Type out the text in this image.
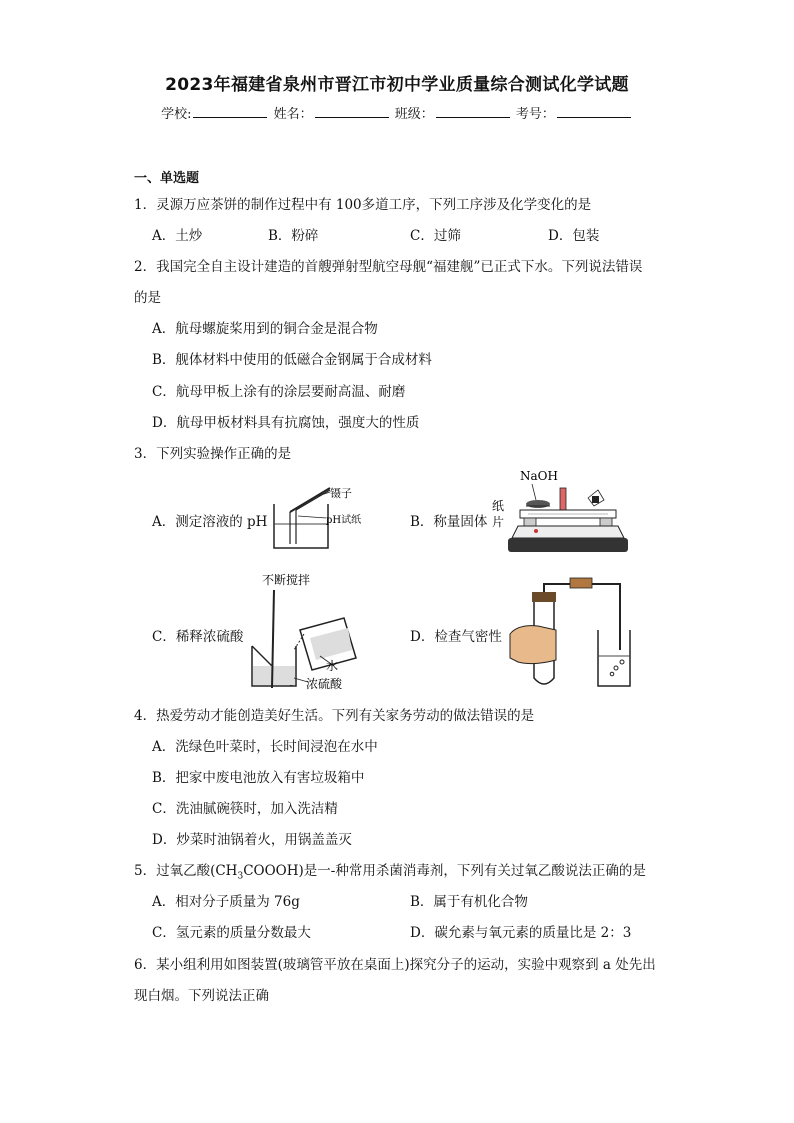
2023年福建省泉州市晋江市初中学业质量综合测试化学试题
学校:	姓名：	班级：	考号：
一、单选题
1．灵源万应茶饼的制作过程中有 100多道工序，下列工序涉及化学变化的是
A．土炒	B．粉碎	C．过筛	D．包装
2．我国完全自主设计建造的首艘弹射型航空母舰“福建舰”已正式下水。下列说法错误
的是
A．航母螺旋桨用到的铜合金是混合物
B．舰体材料中使用的低磁合金钢属于合成材料
C．航母甲板上涂有的涂层要耐高温、耐磨
D．航母甲板材料具有抗腐蚀，强度大的性质
3．下列实验操作正确的是
A．测定溶液的 pH
镊子
pH试纸	B．称量固体
NaOH
纸
片
C．稀释浓硫酸
不断搅拌
水
浓硫酸
D．检查气密性
4．热爱劳动才能创造美好生活。下列有关家务劳动的做法错误的是
A．洗绿色叶菜时，长时间浸泡在水中
B．把家中废电池放入有害垃圾箱中
C．洗油腻碗筷时，加入洗洁精
D．炒菜时油锅着火，用锅盖盖灭
5．过氧乙酸$(CH_3COOOH)$是一-种常用杀菌消毒剂，下列有关过氧乙酸说法正确的是
A．相对分子质量为 76g	B．属于有机化合物
C．氢元素的质量分数最大	D．碳允素与氧元素的质量比是 2：3
6．某小组利用如图装置(玻璃管平放在桌面上)探究分子的运动，实验中观察到 a 处先出
现白烟。下列说法正确
